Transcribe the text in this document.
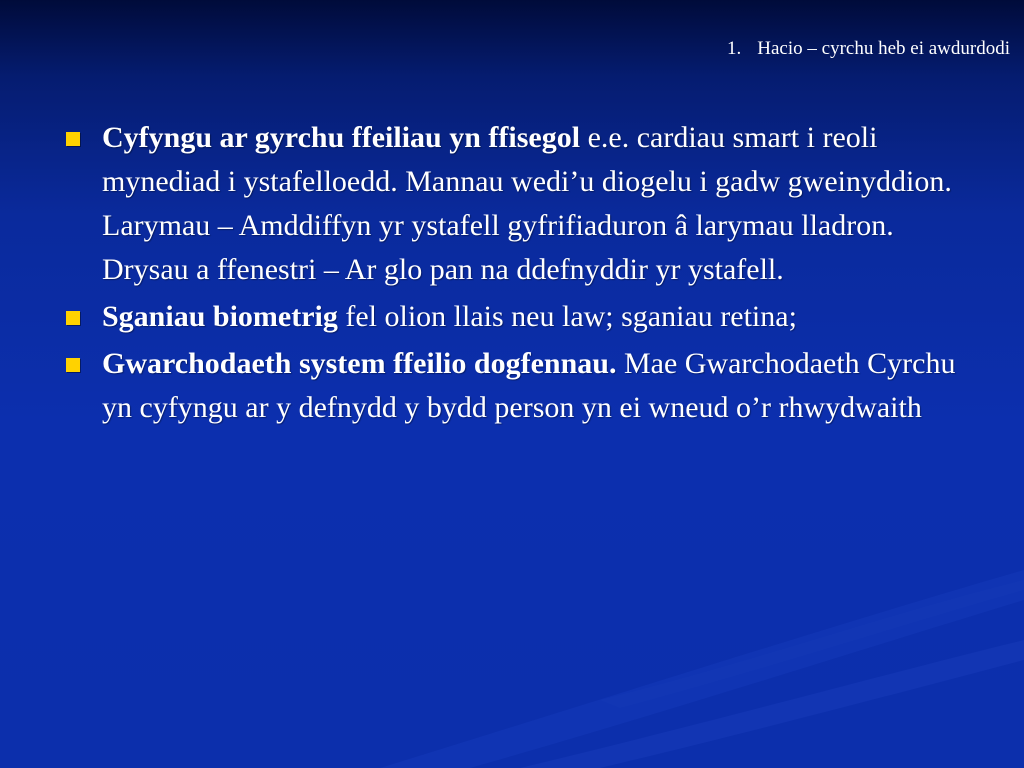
1. Hacio – cyrchu heb ei awdurdodi
Cyfyngu ar gyrchu ffeiliau yn ffisegol e.e. cardiau smart i reoli mynediad i ystafelloedd. Mannau wedi’u diogelu i gadw gweinyddion. Larymau – Amddiffyn yr ystafell gyfrifiaduron â larymau lladron. Drysau a ffenestri – Ar glo pan na ddefnyddir yr ystafell.
Sganiau biometrig fel olion llais neu law; sganiau retina;
Gwarchodaeth system ffeilio dogfennau. Mae Gwarchodaeth Cyrchu yn cyfyngu ar y defnydd y bydd person yn ei wneud o’r rhwydwaith
